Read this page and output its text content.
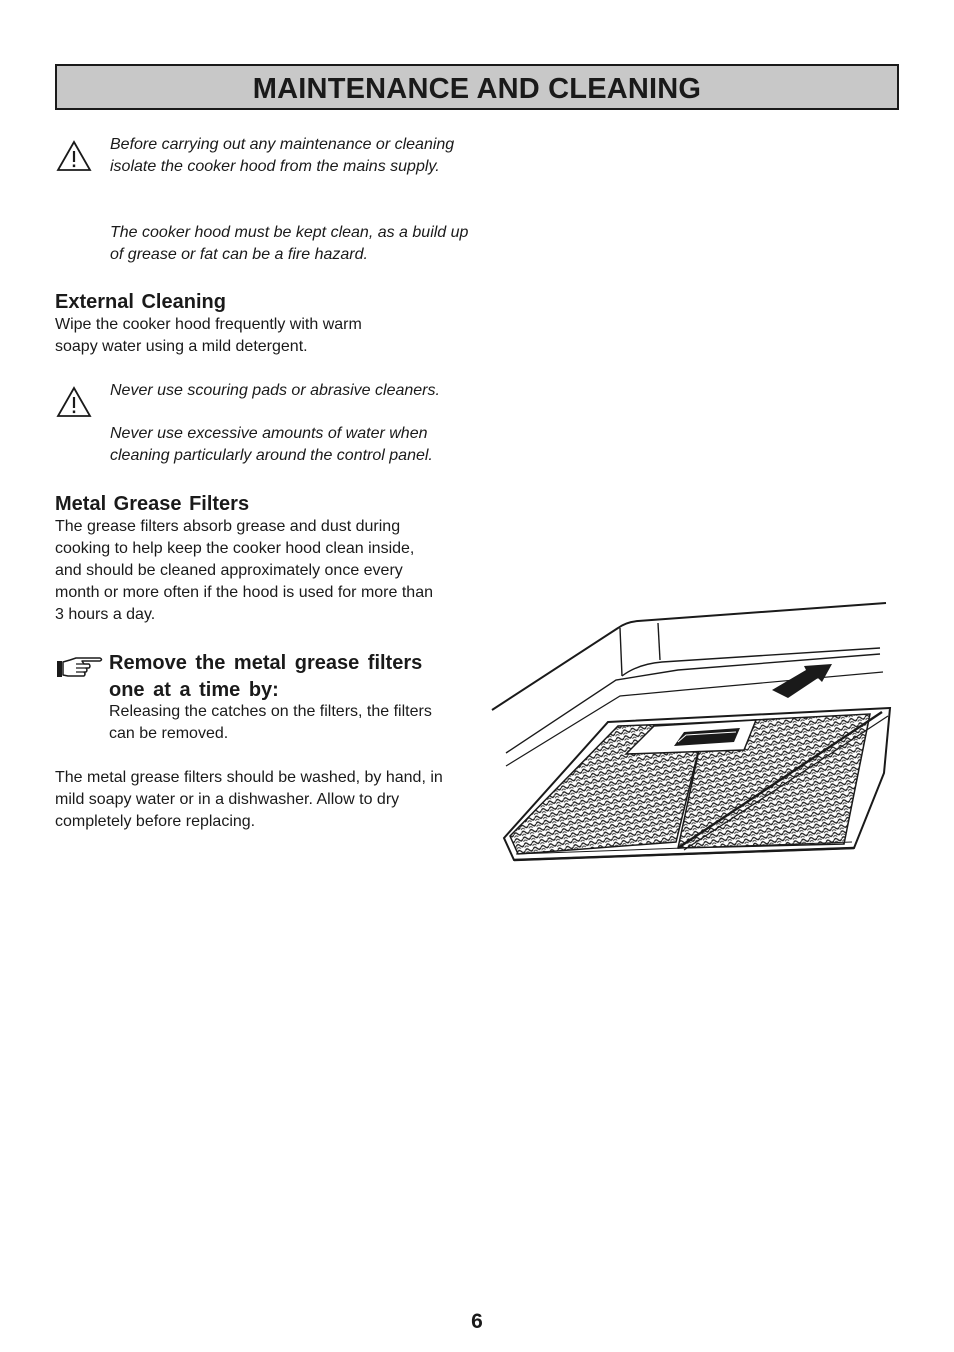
MAINTENANCE AND CLEANING
Before carrying out any maintenance or cleaning isolate the cooker hood from the mains supply.
The cooker hood must be kept clean, as a build up of grease or fat can be a fire hazard.
External Cleaning
Wipe the cooker hood frequently with warm soapy water using a mild detergent.
Never use scouring pads or abrasive cleaners.
Never use excessive amounts of water when cleaning particularly around the control panel.
Metal Grease Filters
The grease filters absorb grease and dust during cooking to help keep the cooker hood clean inside, and should be cleaned approximately once every month or more often if the hood is used for more than 3 hours a day.
Remove the metal grease filters one at a time by:
Releasing the catches on the filters, the filters can be removed.
The metal grease filters should be washed, by hand, in mild soapy water or in a dishwasher. Allow to dry completely before replacing.
6
